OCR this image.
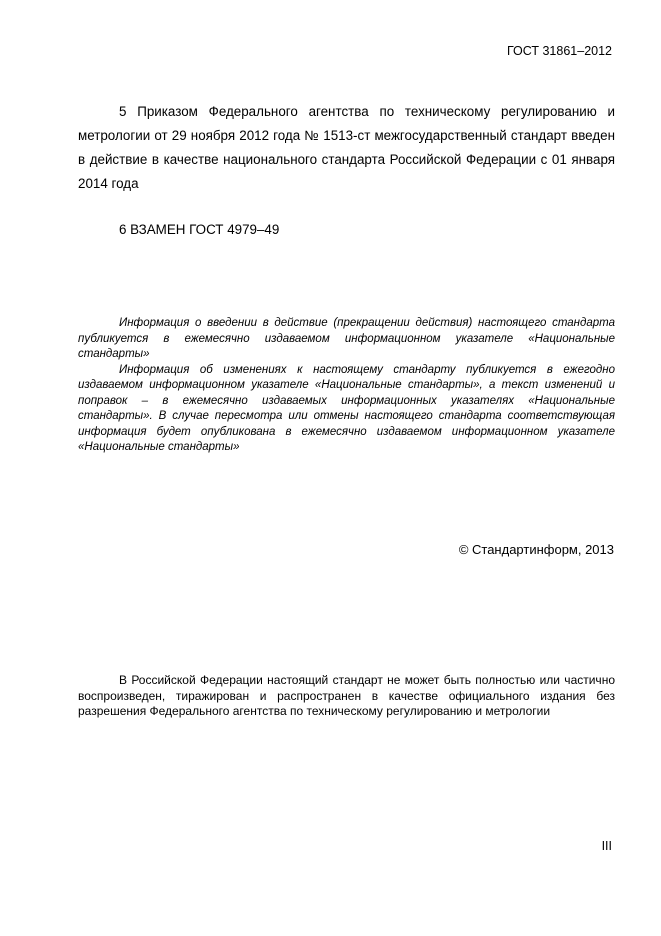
ГОСТ 31861–2012

5 Приказом Федерального агентства по техническому регулированию и метрологии от 29 ноября 2012 года № 1513-ст межгосударственный стандарт введен в действие в качестве национального стандарта Российской Федерации с 01 января 2014 года

6 ВЗАМЕН ГОСТ 4979–49

Информация о введении в действие (прекращении действия) настоящего стандарта публикуется в ежемесячно издаваемом информационном указателе «Национальные стандарты»

Информация об изменениях к настоящему стандарту публикуется в ежегодно издаваемом информационном указателе «Национальные стандарты», а текст изменений и поправок – в ежемесячно издаваемых информационных указателях «Национальные стандарты». В случае пересмотра или отмены настоящего стандарта соответствующая информация будет опубликована в ежемесячно издаваемом информационном указателе «Национальные стандарты»

© Стандартинформ, 2013

В Российской Федерации настоящий стандарт не может быть полностью или частично воспроизведен, тиражирован и распространен в качестве официального издания без разрешения Федерального агентства по техническому регулированию и метрологии

III
